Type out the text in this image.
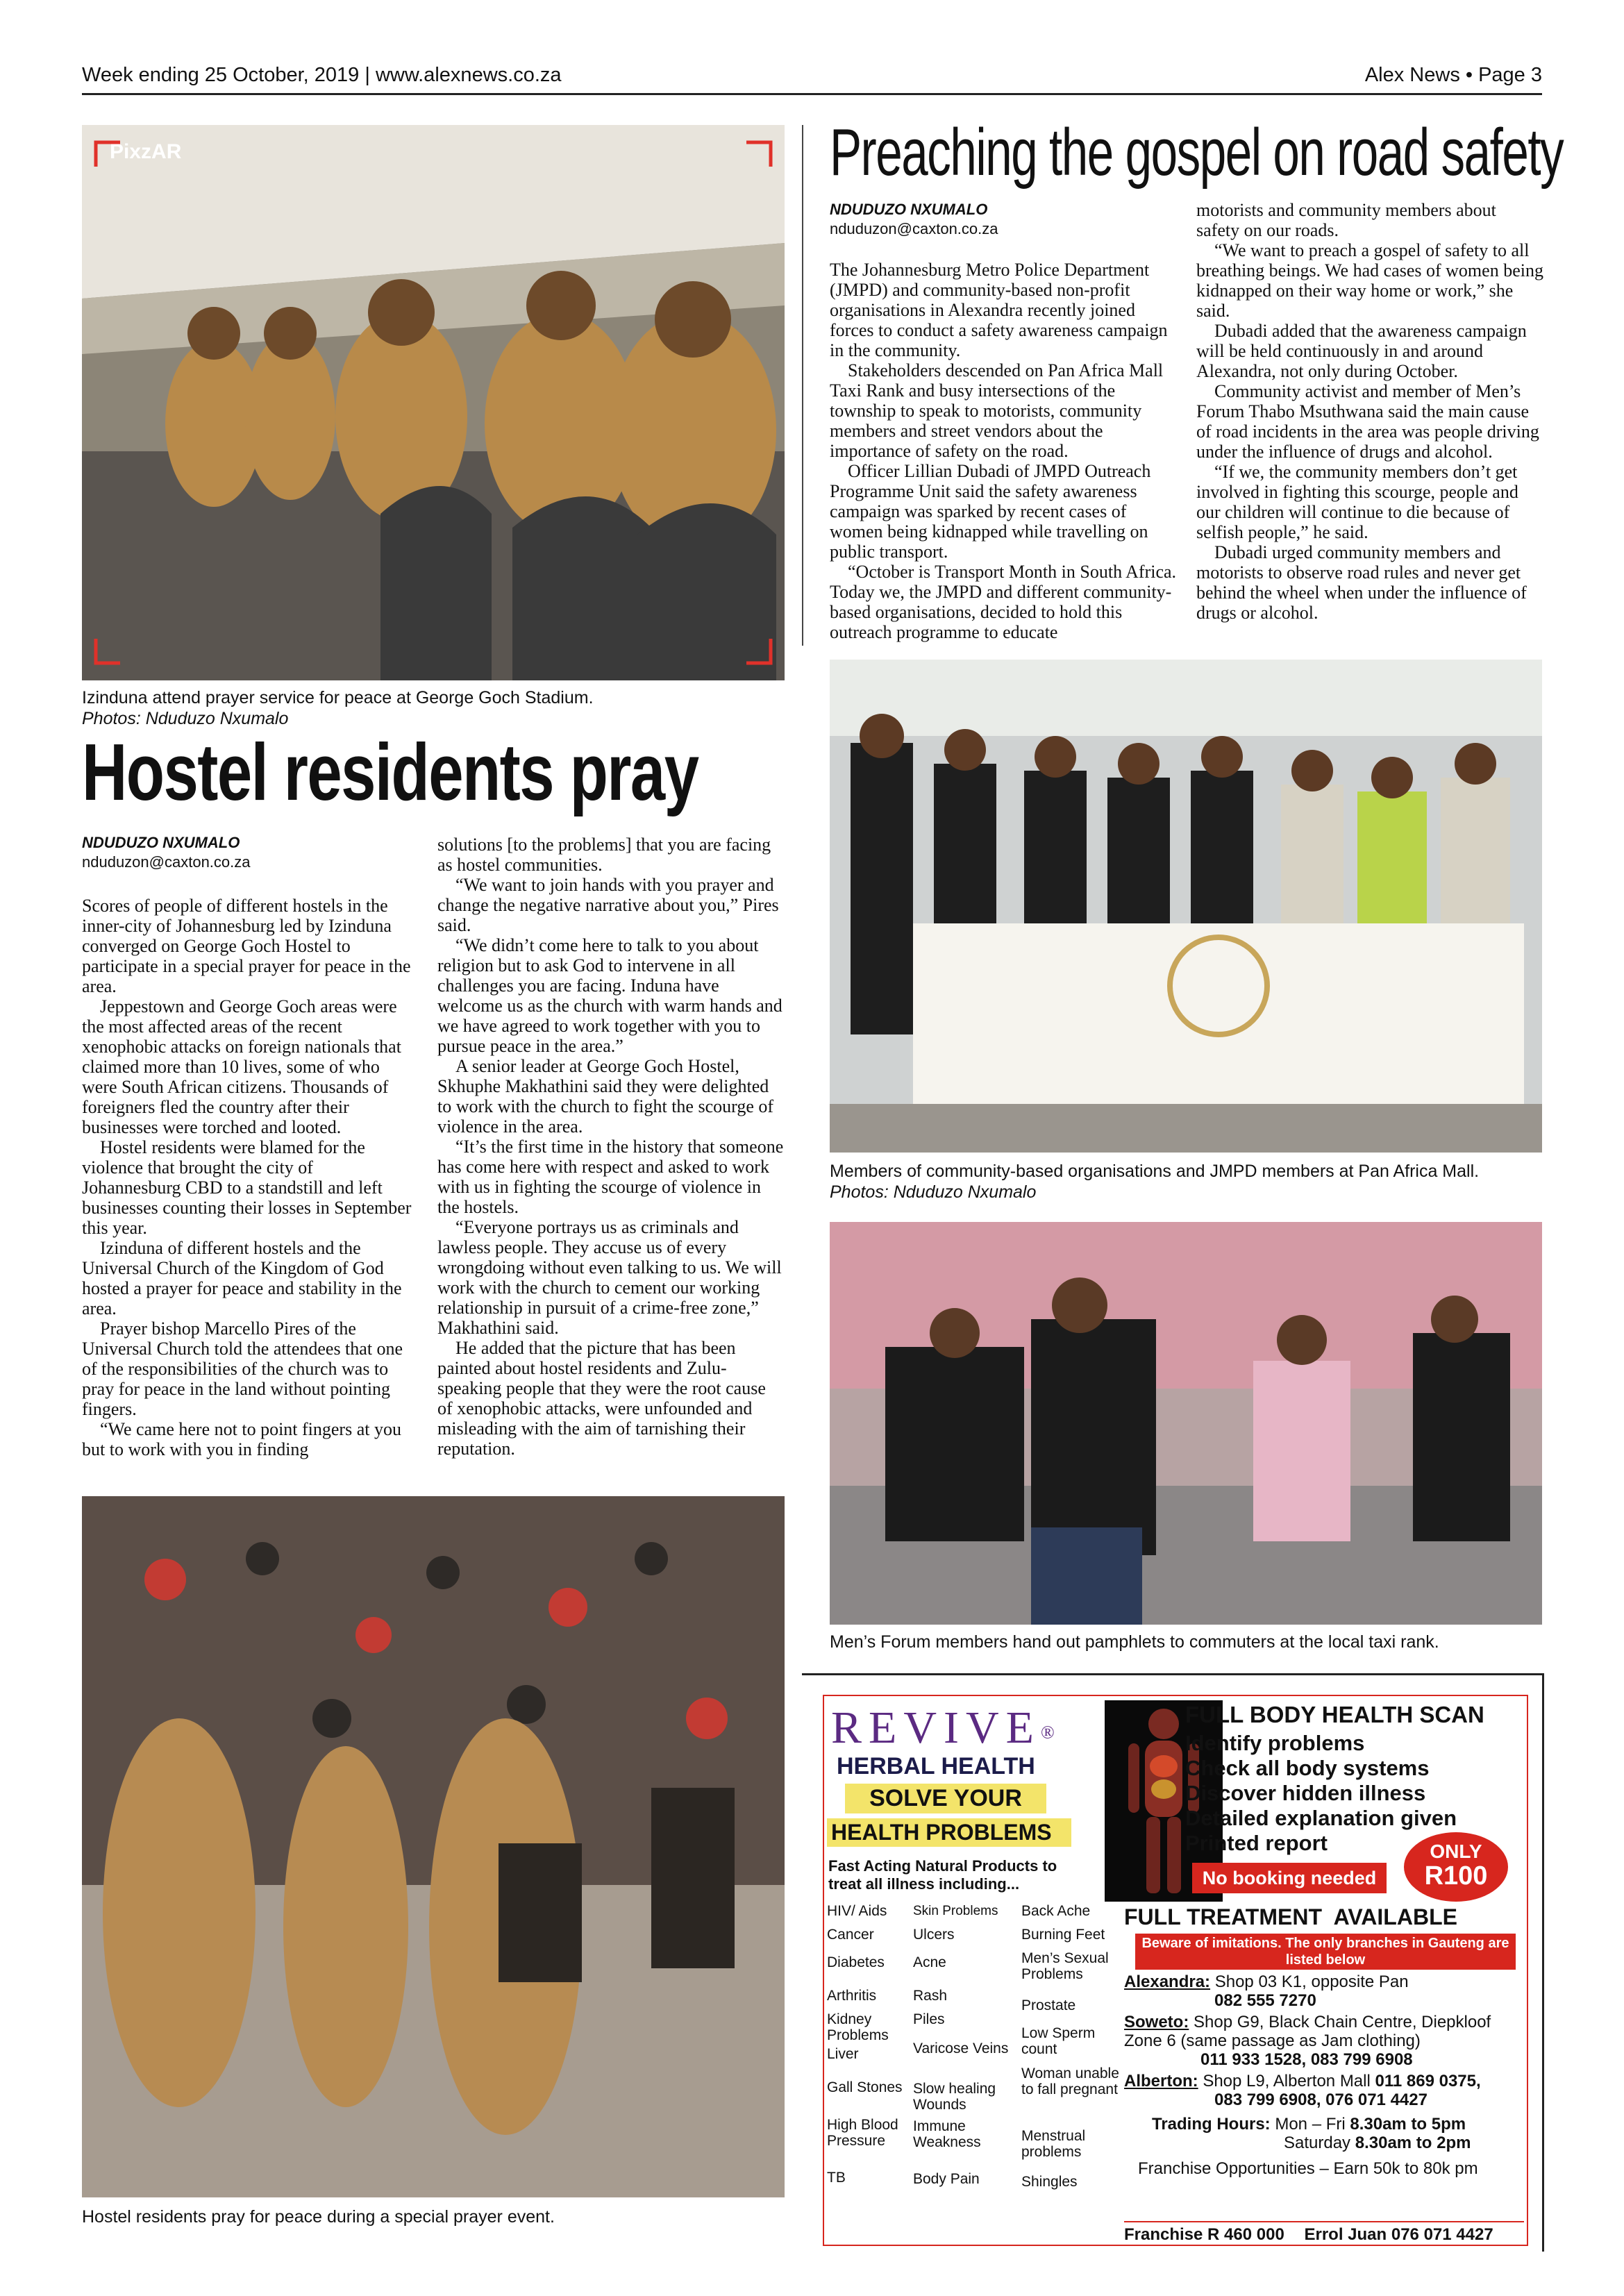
Week ending 25 October, 2019 | www.alexnews.co.za	Alex News • Page 3
PixzAR
Izinduna attend prayer service for peace at George Goch Stadium.
Photos: Nduduzo Nxumalo
Hostel residents pray
NDUDUZO NXUMALO
nduduzon@caxton.co.za

Scores of people of different hostels in the inner-city of Johannesburg led by Izinduna converged on George Goch Hostel to participate in a special prayer for peace in the area.

Jeppestown and George Goch areas were the most affected areas of the recent xenophobic attacks on foreign nationals that claimed more than 10 lives, some of who were South African citizens. Thousands of foreigners fled the country after their businesses were torched and looted.

Hostel residents were blamed for the violence that brought the city of Johannesburg CBD to a standstill and left businesses counting their losses in September this year.

Izinduna of different hostels and the Universal Church of the Kingdom of God hosted a prayer for peace and stability in the area.

Prayer bishop Marcello Pires of the Universal Church told the attendees that one of the responsibilities of the church was to pray for peace in the land without pointing fingers.

“We came here not to point fingers at you but to work with you in finding

solutions [to the problems] that you are facing as hostel communities.

“We want to join hands with you prayer and change the negative narrative about you,” Pires said.

“We didn’t come here to talk to you about religion but to ask God to intervene in all challenges you are facing. Induna have welcome us as the church with warm hands and we have agreed to work together with you to pursue peace in the area.”

A senior leader at George Goch Hostel, Skhuphe Makhathini said they were delighted to work with the church to fight the scourge of violence in the area.

“It’s the first time in the history that someone has come here with respect and asked to work with us in fighting the scourge of violence in the hostels.

“Everyone portrays us as criminals and lawless people. They accuse us of every wrongdoing without even talking to us. We will work with the church to cement our working relationship in pursuit of a crime-free zone,” Makhathini said.

He added that the picture that has been painted about hostel residents and Zulu-speaking people that they were the root cause of xenophobic attacks, were unfounded and misleading with the aim of tarnishing their reputation.

Hostel residents pray for peace during a special prayer event.
Preaching the gospel on road safety
NDUDUZO NXUMALO
nduduzon@caxton.co.za

The Johannesburg Metro Police Department (JMPD) and community-based non-profit organisations in Alexandra recently joined forces to conduct a safety awareness campaign in the community.

Stakeholders descended on Pan Africa Mall Taxi Rank and busy intersections of the township to speak to motorists, community members and street vendors about the importance of safety on the road.

Officer Lillian Dubadi of JMPD Outreach Programme Unit said the safety awareness campaign was sparked by recent cases of women being kidnapped while travelling on public transport.

“October is Transport Month in South Africa. Today we, the JMPD and different community-based organisations, decided to hold this outreach programme to educate

motorists and community members about safety on our roads.

“We want to preach a gospel of safety to all breathing beings. We had cases of women being kidnapped on their way home or work,” she said.

Dubadi added that the awareness campaign will be held continuously in and around Alexandra, not only during October.

Community activist and member of Men’s Forum Thabo Msuthwana said the main cause of road incidents in the area was people driving under the influence of drugs and alcohol.

“If we, the community members don’t get involved in fighting this scourge, people and our children will continue to die because of selfish people,” he said.

Dubadi urged community members and motorists to observe road rules and never get behind the wheel when under the influence of drugs or alcohol.

Members of community-based organisations and JMPD members at Pan Africa Mall.
Photos: Nduduzo Nxumalo
Men’s Forum members hand out pamphlets to commuters at the local taxi rank.
REVIVE®
HERBAL HEALTH
SOLVE YOUR
HEALTH PROBLEMS
FULL BODY HEALTH SCAN
Identify problems
Check all body systems
Discover hidden illness
Detailed explanation given
Printed report
No booking needed
ONLY
R100
Fast Acting Natural Products to treat all illness including...
HIV/ Aids
Cancer
Diabetes
Arthritis
Kidney Problems
Liver
Gall Stones
High Blood Pressure
TB
Skin Problems
Ulcers
Acne
Rash
Piles
Varicose Veins
Slow healing Wounds
Immune Weakness
Body Pain
Back Ache
Burning Feet
Men’s Sexual Problems
Prostate
Low Sperm count
Woman unable to fall pregnant
Menstrual problems
Shingles
FULL TREATMENT  AVAILABLE
Beware of imitations. The only branches in Gauteng are listed below
Alexandra: Shop 03 K1, opposite Pan
082 555 7270
Soweto: Shop G9, Black Chain Centre, Diepkloof Zone 6 (same passage as Jam clothing)
011 933 1528, 083 799 6908
Alberton: Shop L9, Alberton Mall 011 869 0375,
083 799 6908, 076 071 4427
Trading Hours: Mon – Fri 8.30am to 5pm
Saturday 8.30am to 2pm
Franchise Opportunities – Earn 50k to 80k pm
Franchise R 460 000 Errol Juan 076 071 4427
